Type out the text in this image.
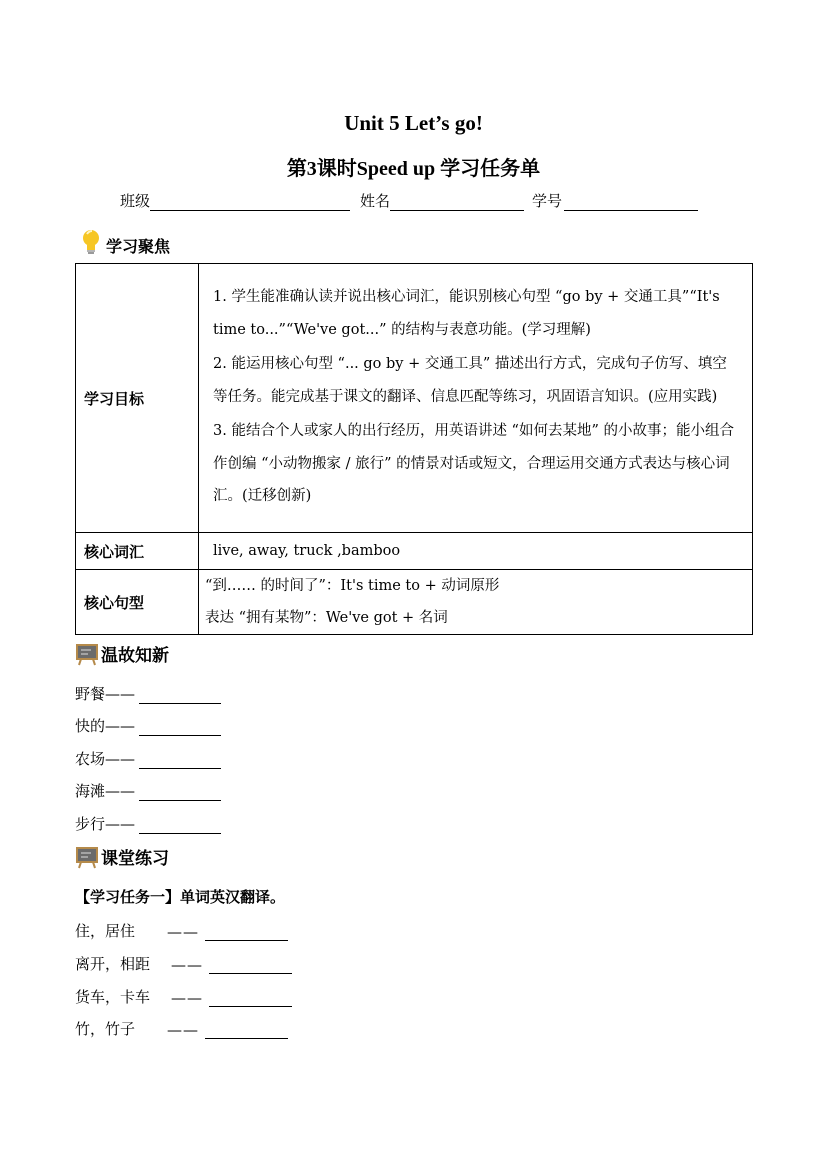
Unit 5 Let’s go!
第3课时Speed up 学习任务单
班级	姓名	学号
学习聚焦
学习目标	1. 学生能准确认读并说出核心词汇，能识别核心句型 “go by + 交通工具”“It's time to...”“We've got...” 的结构与表意功能。(学习理解)

2. 能运用核心句型 “... go by + 交通工具” 描述出行方式，完成句子仿写、填空等任务。能完成基于课文的翻译、信息匹配等练习，巩固语言知识。(应用实践)

3. 能结合个人或家人的出行经历，用英语讲述 “如何去某地” 的小故事；能小组合作创编 “小动物搬家 / 旅行” 的情景对话或短文，合理运用交通方式表达与核心词汇。(迁移创新)

核心词汇	live, away, truck ,bamboo
核心句型	“到…… 的时间了”：It's time to + 动词原形
表达 “拥有某物”：We've got + 名词
温故知新
野餐——
快的——
农场——
海滩——
步行——
课堂练习
【学习任务一】单词英汉翻译。
住，居住	——
离开，相距	——
货车，卡车	——
竹，竹子	——
